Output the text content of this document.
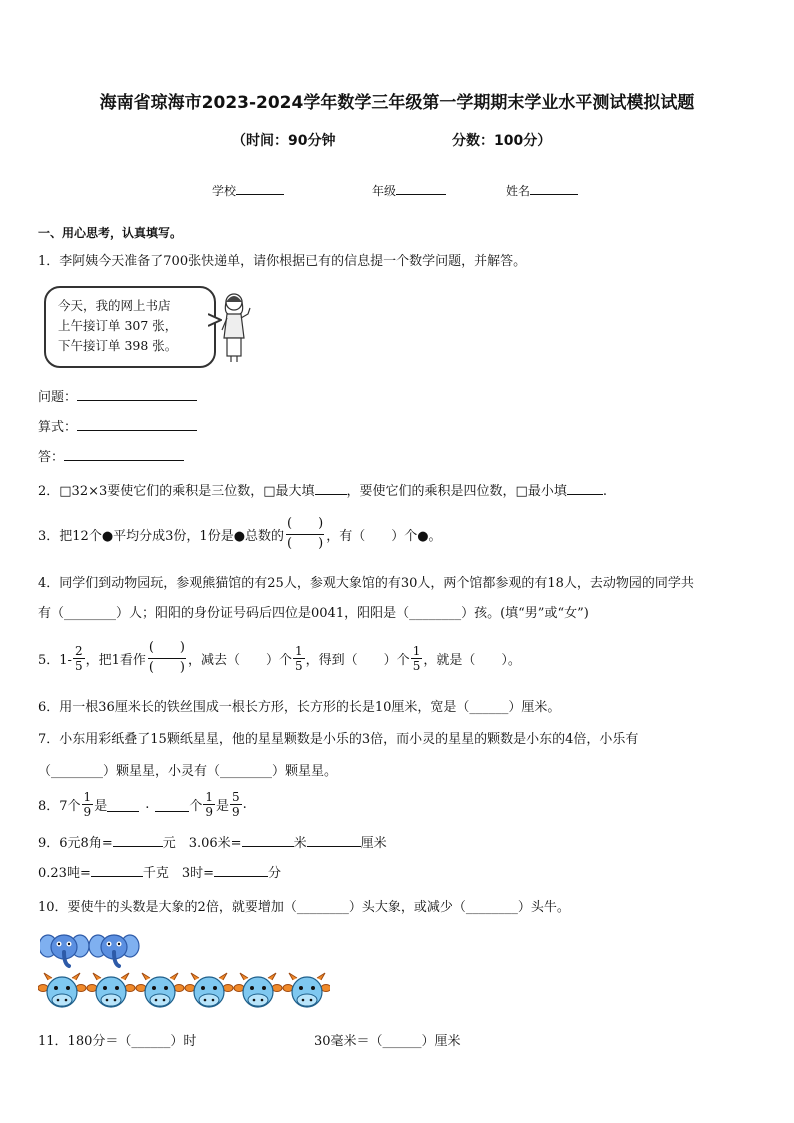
海南省琼海市2023-2024学年数学三年级第一学期期末学业水平测试模拟试题
（时间：90分钟	分数：100分）
学校	年级	姓名
一、用心思考，认真填写。
1．李阿姨今天准备了700张快递单，请你根据已有的信息提一个数学问题，并解答。
今天，我的网上书店
上午接订单 307 张，
下午接订单 398 张。
问题：
算式：
答：
2．□32×3要使它们的乘积是三位数，□最大填 ，要使它们的乘积是四位数，□最小填	.
3．把12个●平均分成3份，1份是●总数的
(　　)
(　　) ，有（　　）个●。
4．同学们到动物园玩，参观熊猫馆的有25人，参观大象馆的有30人，两个馆都参观的有18人，去动物园的同学共
有（________）人；阳阳的身份证号码后四位是0041，阳阳是（________）孩。(填“男”或“女”)
5．$1- \frac{2}{5}$ ，把1看作
(　　)
(　　) ，减去（　　）个 $\frac{1}{5}$ ，得到（　　）个 $\frac{1}{5}$ ，就是（　　）。
6．用一根36厘米长的铁丝围成一根长方形，长方形的长是10厘米，宽是（______）厘米。
7．小东用彩纸叠了15颗纸星星，他的星星颗数是小乐的3倍，而小灵的星星的颗数是小东的4倍，小乐有
（________）颗星星，小灵有（________）颗星星。
8．7个 $\frac{1}{9}$ 是	.	个 $\frac{1}{9}$ 是 $\frac{5}{9}$ .
9．6元8角=	元　3.06米=	米	厘米
0.23吨=	千克　3时=	分
10．要使牛的头数是大象的2倍，就要增加（________）头大象，或减少（________）头牛。
11．180分＝（______）时	30毫米＝（______）厘米
